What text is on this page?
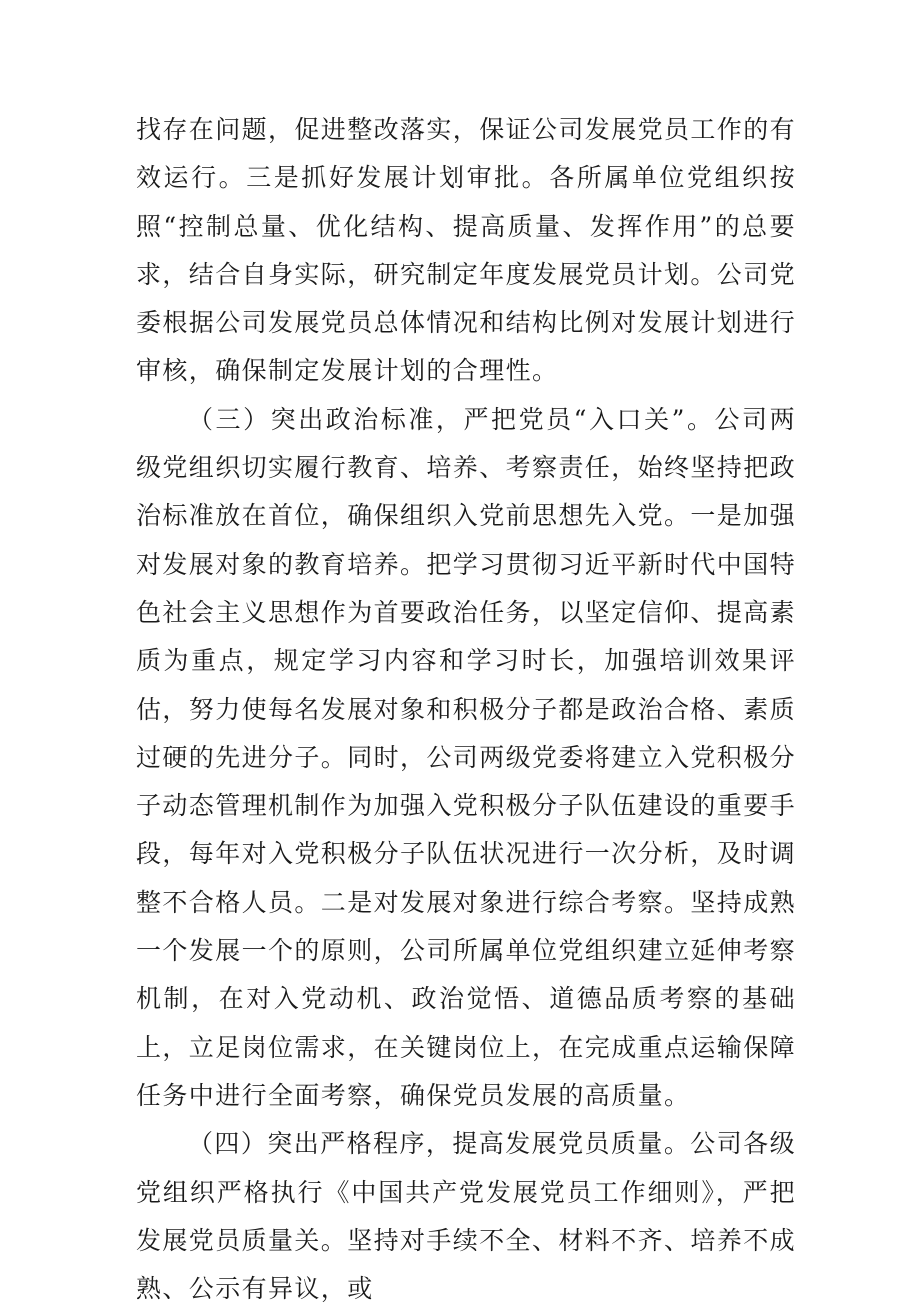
找存在问题，促进整改落实，保证公司发展党员工作的有效运行。三是抓好发展计划审批。各所属单位党组织按照“控制总量、优化结构、提高质量、发挥作用”的总要求，结合自身实际，研究制定年度发展党员计划。公司党委根据公司发展党员总体情况和结构比例对发展计划进行审核，确保制定发展计划的合理性。

（三）突出政治标准，严把党员“入口关”。公司两级党组织切实履行教育、培养、考察责任，始终坚持把政治标准放在首位，确保组织入党前思想先入党。一是加强对发展对象的教育培养。把学习贯彻习近平新时代中国特色社会主义思想作为首要政治任务，以坚定信仰、提高素质为重点，规定学习内容和学习时长，加强培训效果评估，努力使每名发展对象和积极分子都是政治合格、素质过硬的先进分子。同时，公司两级党委将建立入党积极分子动态管理机制作为加强入党积极分子队伍建设的重要手段，每年对入党积极分子队伍状况进行一次分析，及时调整不合格人员。二是对发展对象进行综合考察。坚持成熟一个发展一个的原则，公司所属单位党组织建立延伸考察机制，在对入党动机、政治觉悟、道德品质考察的基础上，立足岗位需求，在关键岗位上，在完成重点运输保障任务中进行全面考察，确保党员发展的高质量。

（四）突出严格程序，提高发展党员质量。公司各级党组织严格执行《中国共产党发展党员工作细则》，严把发展党员质量关。坚持对手续不全、材料不齐、培养不成熟、公示有异议，或
